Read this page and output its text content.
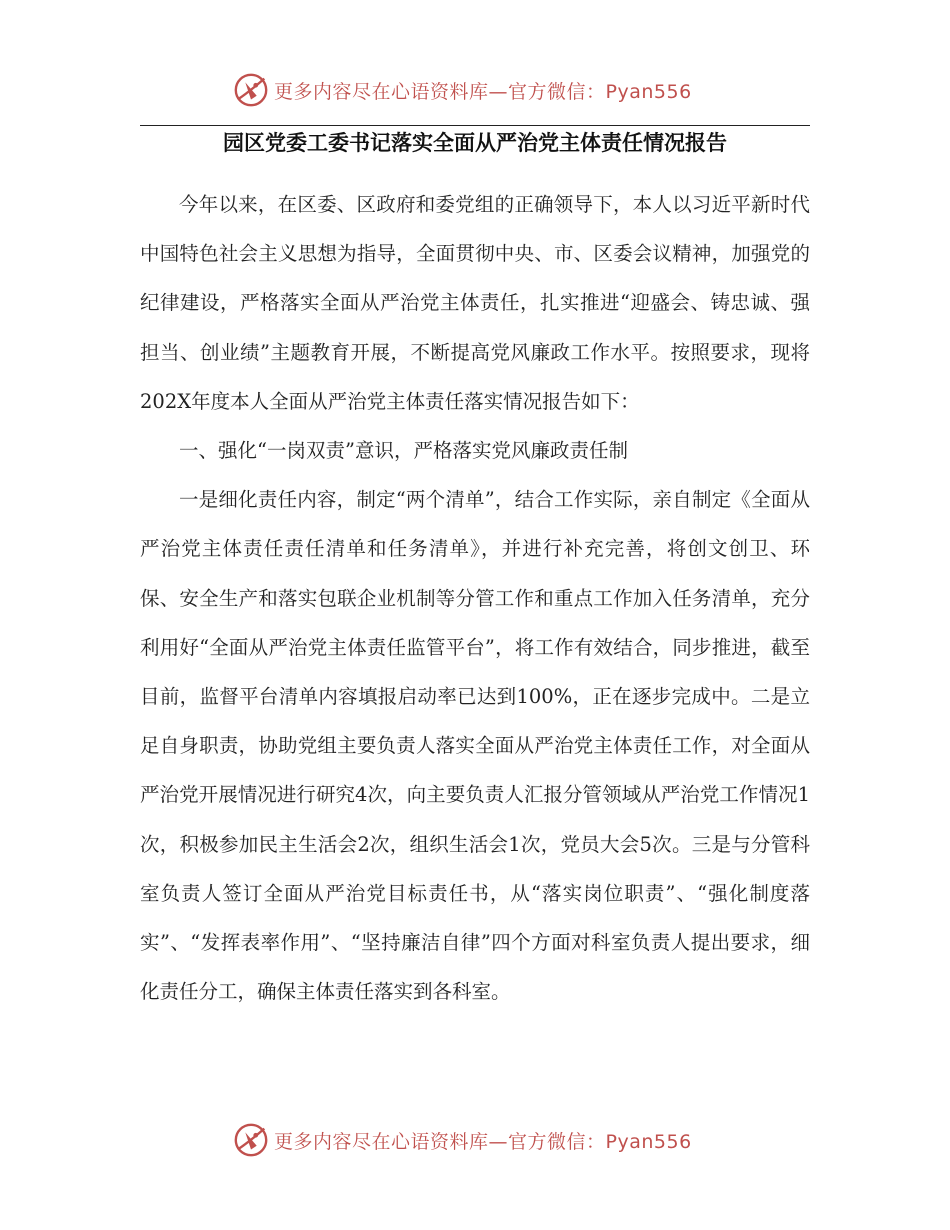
更多内容尽在心语资料库—官方微信：Pyan556
园区党委工委书记落实全面从严治党主体责任情况报告

今年以来，在区委、区政府和委党组的正确领导下，本人以习近平新时代中国特色社会主义思想为指导，全面贯彻中央、市、区委会议精神，加强党的纪律建设，严格落实全面从严治党主体责任，扎实推进“迎盛会、铸忠诚、强担当、创业绩”主题教育开展，不断提高党风廉政工作水平。按照要求，现将202X年度本人全面从严治党主体责任落实情况报告如下：

一、强化“一岗双责”意识，严格落实党风廉政责任制

一是细化责任内容，制定“两个清单”，结合工作实际，亲自制定《全面从严治党主体责任责任清单和任务清单》，并进行补充完善，将创文创卫、环保、安全生产和落实包联企业机制等分管工作和重点工作加入任务清单，充分利用好“全面从严治党主体责任监管平台”，将工作有效结合，同步推进，截至目前，监督平台清单内容填报启动率已达到100%，正在逐步完成中。二是立足自身职责，协助党组主要负责人落实全面从严治党主体责任工作，对全面从严治党开展情况进行研究4次，向主要负责人汇报分管领域从严治党工作情况1次，积极参加民主生活会2次，组织生活会1次，党员大会5次。三是与分管科室负责人签订全面从严治党目标责任书，从“落实岗位职责”、“强化制度落实”、“发挥表率作用”、“坚持廉洁自律”四个方面对科室负责人提出要求，细化责任分工，确保主体责任落实到各科室。

更多内容尽在心语资料库—官方微信：Pyan556
